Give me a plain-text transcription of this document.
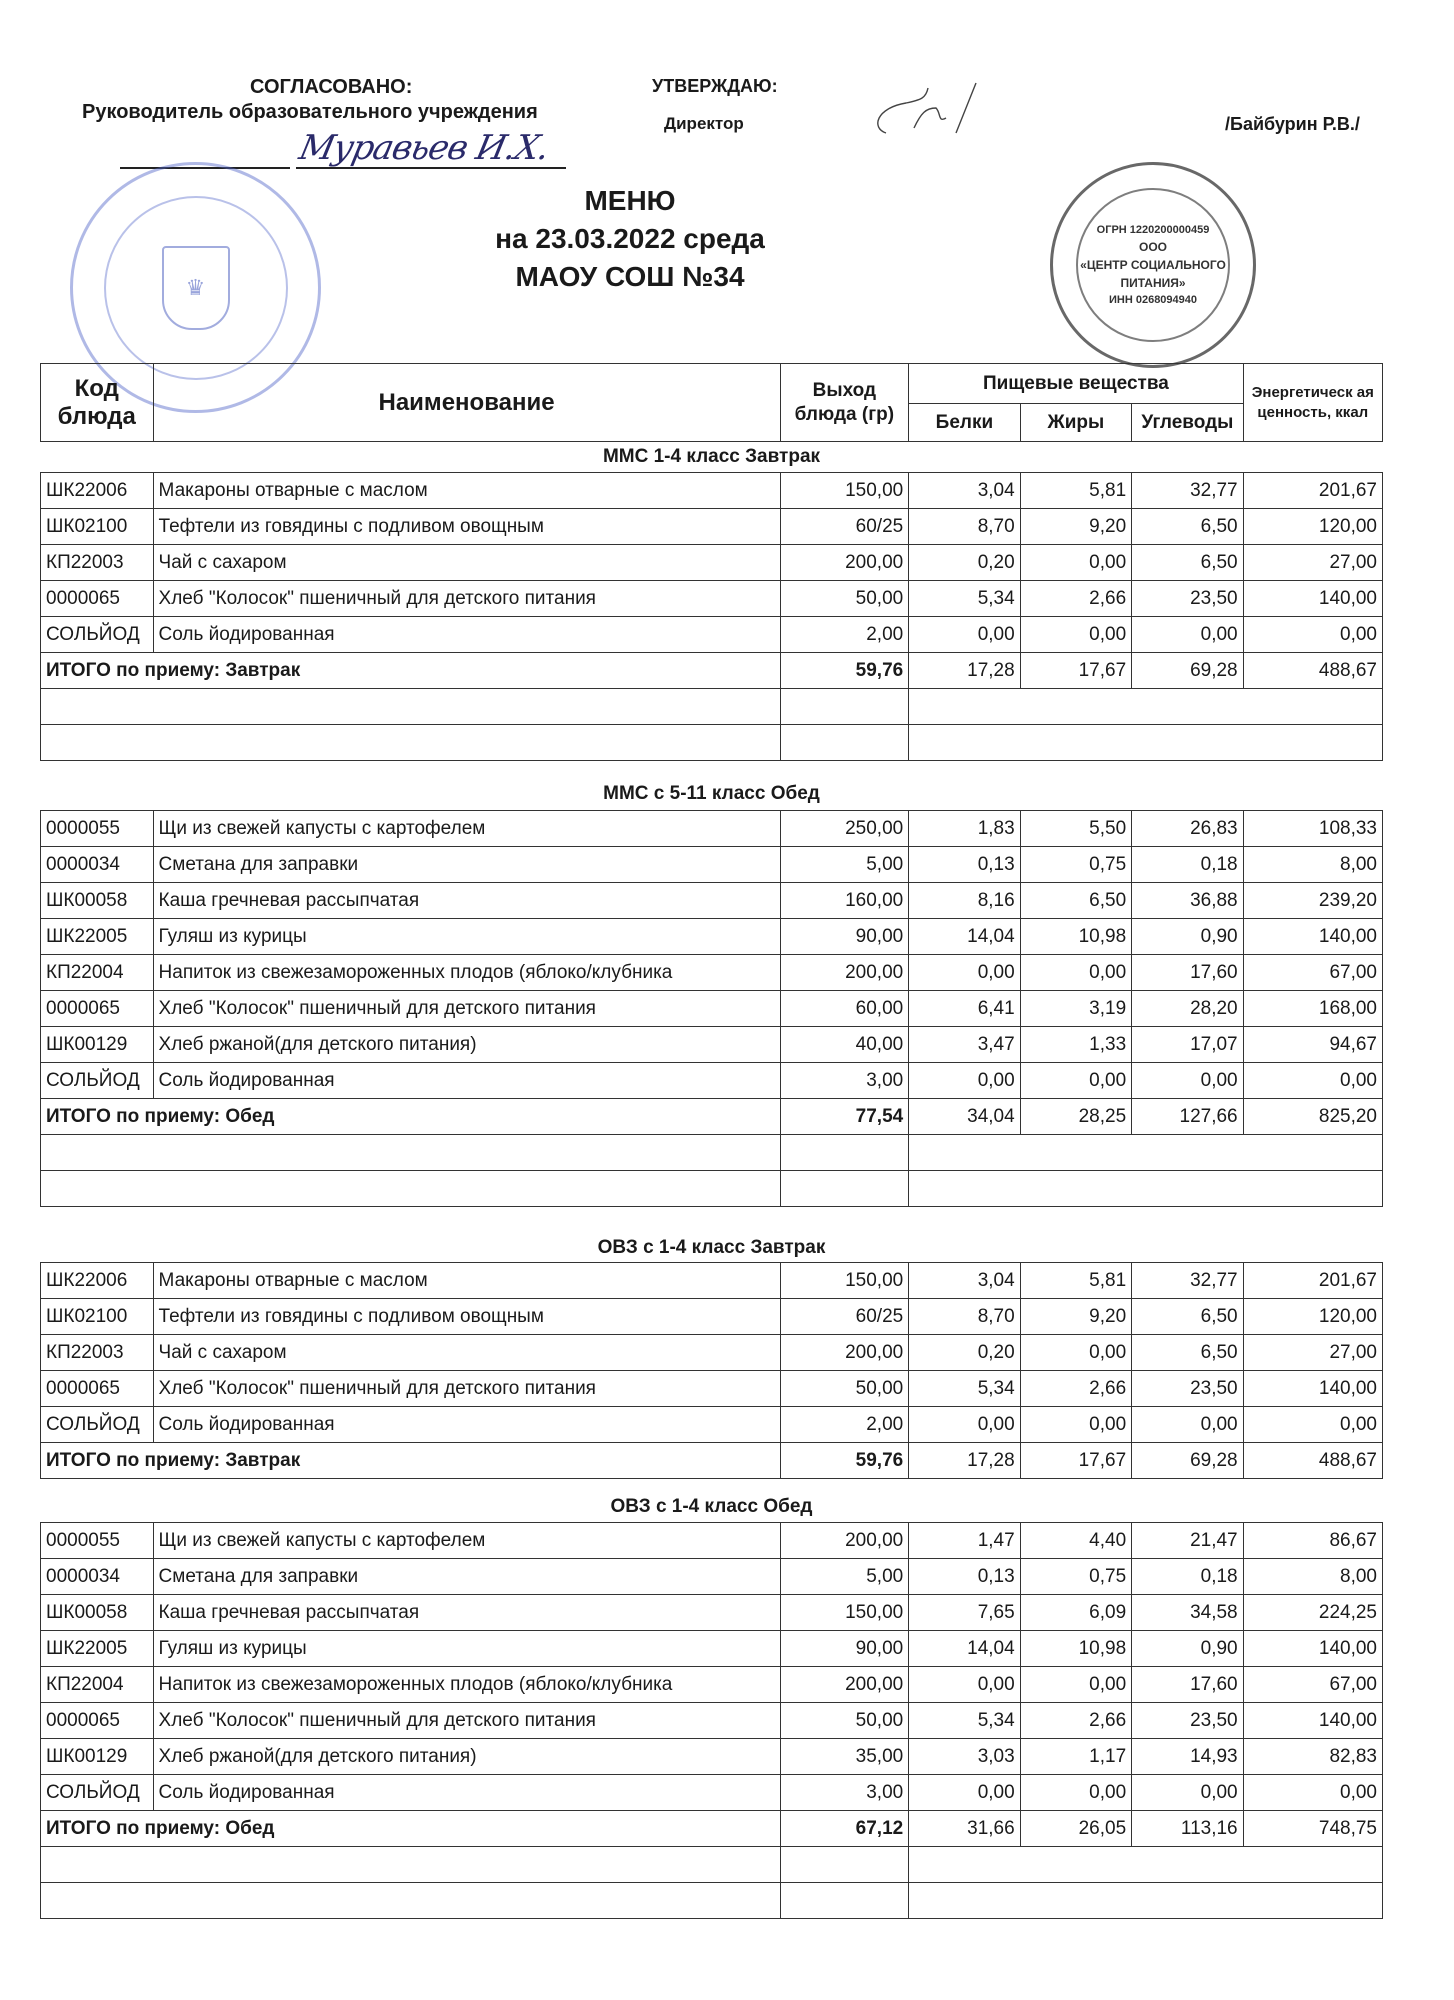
СОГЛАСОВАНО:
Руководитель образовательного учреждения
Муравьев И.Х.
УТВЕРЖДАЮ:
Директор	/Байбурин Р.В./
♛
ОГРН 1220200000459
ООО
«ЦЕНТР СОЦИАЛЬНОГО
ПИТАНИЯ»
ИНН 0268094940
МЕНЮ
на 23.03.2022 среда
МАОУ СОШ №34
Код блюда	Наименование	Выход блюда (гр)	Пищевые вещества			Энергетическ ая ценность, ккал
			Белки	Жиры	Углеводы	
ММС 1-4 класс Завтрак
ШК22006	Макароны отварные с маслом	150,00	3,04	5,81	32,77	201,67
ШК02100	Тефтели из говядины с подливом овощным	60/25	8,70	9,20	6,50	120,00
КП22003	Чай с сахаром	200,00	0,20	0,00	6,50	27,00
0000065	Хлеб "Колосок" пшеничный для детского питания	50,00	5,34	2,66	23,50	140,00
СОЛЬЙОД	Соль йодированная	2,00	0,00	0,00	0,00	0,00
ИТОГО по приему: Завтрак		59,76	17,28	17,67	69,28	488,67

ММС с 5-11 класс Обед
0000055	Щи из свежей капусты с картофелем	250,00	1,83	5,50	26,83	108,33
0000034	Сметана для заправки	5,00	0,13	0,75	0,18	8,00
ШК00058	Каша гречневая рассыпчатая	160,00	8,16	6,50	36,88	239,20
ШК22005	Гуляш из курицы	90,00	14,04	10,98	0,90	140,00
КП22004	Напиток из свежезамороженных плодов (яблоко/клубника	200,00	0,00	0,00	17,60	67,00
0000065	Хлеб "Колосок" пшеничный для детского питания	60,00	6,41	3,19	28,20	168,00
ШК00129	Хлеб ржаной(для детского питания)	40,00	3,47	1,33	17,07	94,67
СОЛЬЙОД	Соль йодированная	3,00	0,00	0,00	0,00	0,00
ИТОГО по приему: Обед		77,54	34,04	28,25	127,66	825,20

ОВЗ с 1-4 класс Завтрак
ШК22006	Макароны отварные с маслом	150,00	3,04	5,81	32,77	201,67
ШК02100	Тефтели из говядины с подливом овощным	60/25	8,70	9,20	6,50	120,00
КП22003	Чай с сахаром	200,00	0,20	0,00	6,50	27,00
0000065	Хлеб "Колосок" пшеничный для детского питания	50,00	5,34	2,66	23,50	140,00
СОЛЬЙОД	Соль йодированная	2,00	0,00	0,00	0,00	0,00
ИТОГО по приему: Завтрак		59,76	17,28	17,67	69,28	488,67
ОВЗ с 1-4 класс Обед
0000055	Щи из свежей капусты с картофелем	200,00	1,47	4,40	21,47	86,67
0000034	Сметана для заправки	5,00	0,13	0,75	0,18	8,00
ШК00058	Каша гречневая рассыпчатая	150,00	7,65	6,09	34,58	224,25
ШК22005	Гуляш из курицы	90,00	14,04	10,98	0,90	140,00
КП22004	Напиток из свежезамороженных плодов (яблоко/клубника	200,00	0,00	0,00	17,60	67,00
0000065	Хлеб "Колосок" пшеничный для детского питания	50,00	5,34	2,66	23,50	140,00
ШК00129	Хлеб ржаной(для детского питания)	35,00	3,03	1,17	14,93	82,83
СОЛЬЙОД	Соль йодированная	3,00	0,00	0,00	0,00	0,00
ИТОГО по приему: Обед		67,12	31,66	26,05	113,16	748,75
